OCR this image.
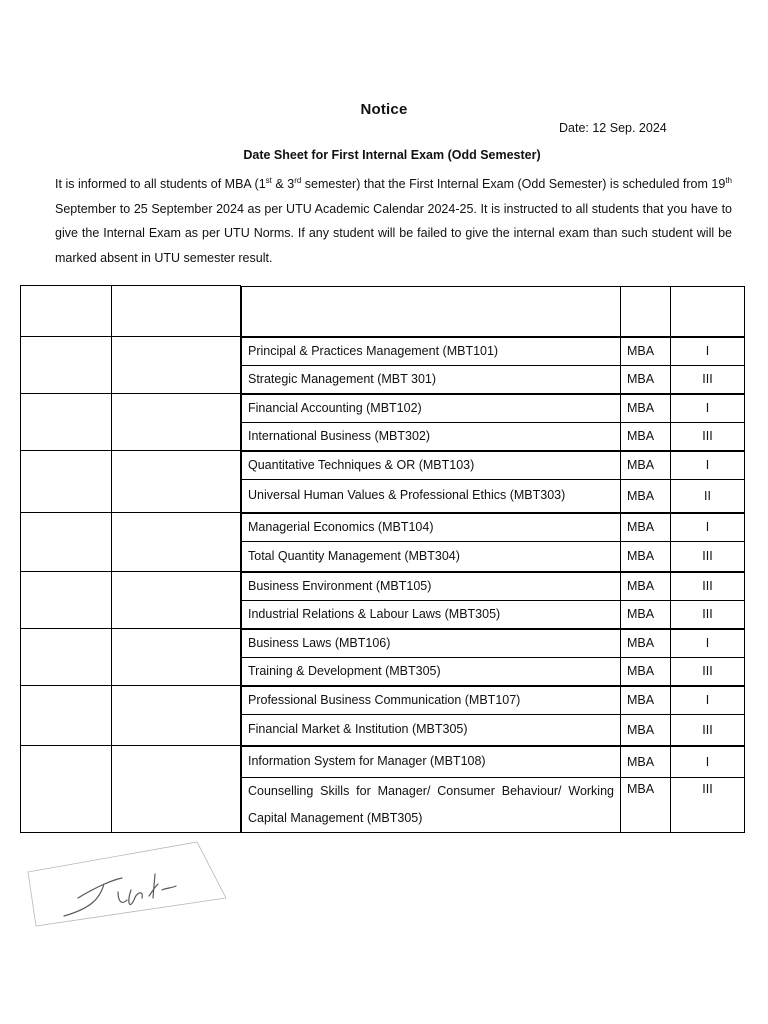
Notice
Date: 12 Sep. 2024
Date Sheet for First Internal Exam (Odd Semester)

It is informed to all students of MBA (1st & 3rd semester) that the First Internal Exam (Odd Semester) is scheduled from 19th September to 25 September 2024 as per UTU Academic Calendar 2024-25. It is instructed to all students that you have to give the Internal Exam as per UTU Norms. If any student will be failed to give the internal exam than such student will be marked absent in UTU semester result.

Principal & Practices Management (MBT101)	MBA	I
Strategic Management (MBT 301)	MBA	III

Financial Accounting (MBT102)	MBA	I
International Business (MBT302)	MBA	III

Quantitative Techniques & OR (MBT103)	MBA	I
Universal Human Values & Professional Ethics (MBT303)	MBA	II

Managerial Economics (MBT104)	MBA	I
Total Quantity Management (MBT304)	MBA	III

Business Environment (MBT105)	MBA	III
Industrial Relations & Labour Laws (MBT305)	MBA	III

Business Laws (MBT106)	MBA	I
Training & Development (MBT305)	MBA	III

Professional Business Communication (MBT107)	MBA	I
Financial Market & Institution (MBT305)	MBA	III

Information System for Manager (MBT108)	MBA	I
Counselling Skills for Manager/ Consumer Behaviour/ Working Capital Management (MBT305)	MBA	III
